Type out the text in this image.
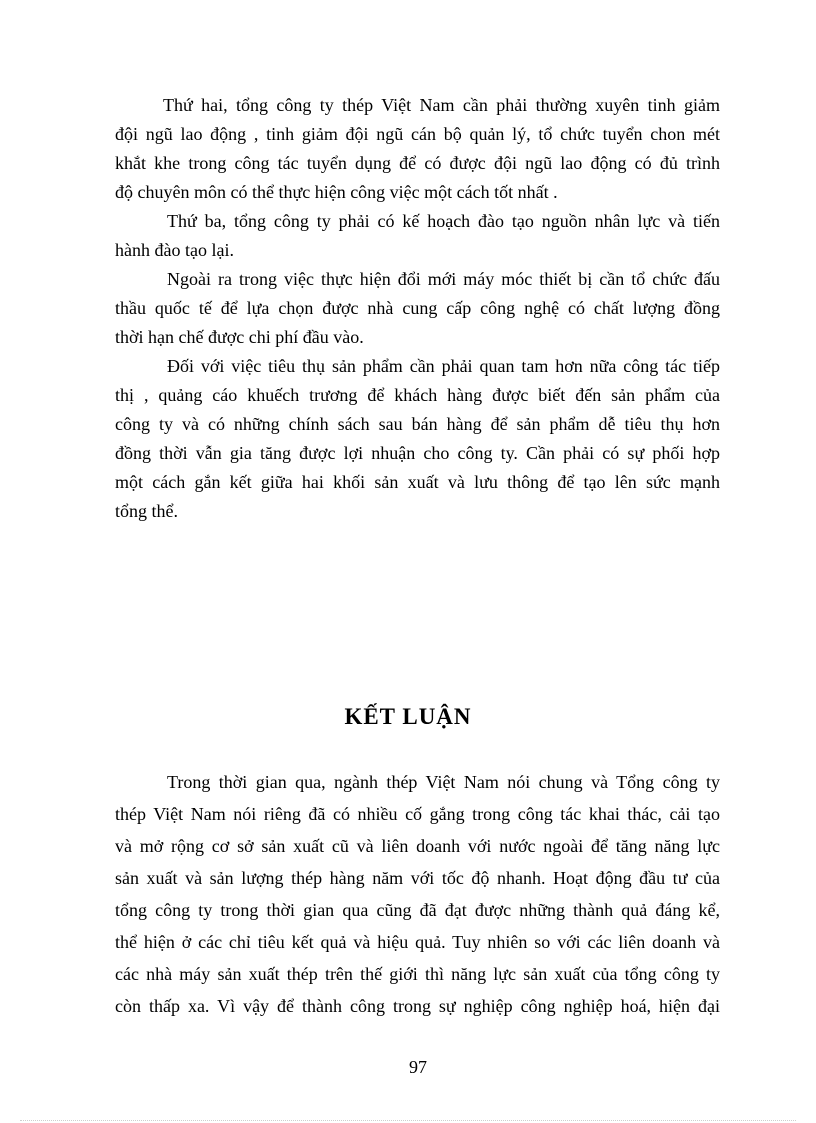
Thứ hai, tổng công ty thép Việt Nam cần phải thường xuyên tinh giảm
đội ngũ lao động , tinh giảm đội ngũ cán bộ quản lý, tổ chức tuyển chon mét
khắt khe trong công tác tuyển dụng để có được đội ngũ lao động có đủ trình
độ chuyên môn có thể thực hiện công việc một cách tốt nhất .
Thứ ba, tổng công ty phải có kế hoạch đào tạo nguồn nhân lực và tiến
hành đào tạo lại.
Ngoài ra trong việc thực hiện đổi mới máy móc thiết bị cần tổ chức đấu
thầu quốc tế để lựa chọn được nhà cung cấp công nghệ có chất lượng đồng
thời hạn chế được chi phí đầu vào.
Đối với việc tiêu thụ sản phẩm cần phải quan tam hơn nữa công tác tiếp
thị , quảng cáo khuếch trương để khách hàng được biết đến sản phẩm của
công ty và có những chính sách sau bán hàng để sản phẩm dễ tiêu thụ hơn
đồng thời vẫn gia tăng được lợi nhuận cho công ty. Cần phải có sự phối hợp
một cách gắn kết giữa hai khối sản xuất và lưu thông để tạo lên sức mạnh
tổng thể.
KẾT LUẬN
Trong thời gian qua, ngành thép Việt Nam nói chung và Tổng công ty
thép Việt Nam nói riêng đã có nhiều cố gắng trong công tác khai thác, cải tạo
và mở rộng cơ sở sản xuất cũ và liên doanh với nước ngoài để tăng năng lực
sản xuất và sản lượng thép hàng năm với tốc độ nhanh. Hoạt động đầu tư của
tổng công ty trong thời gian qua cũng đã đạt được những thành quả đáng kể,
thể hiện ở các chỉ tiêu kết quả và hiệu quả. Tuy nhiên so với các liên doanh và
các nhà máy sản xuất thép trên thế giới thì năng lực sản xuất của tổng công ty
còn thấp xa. Vì vậy để thành công trong sự nghiệp công nghiệp hoá, hiện đại
97
